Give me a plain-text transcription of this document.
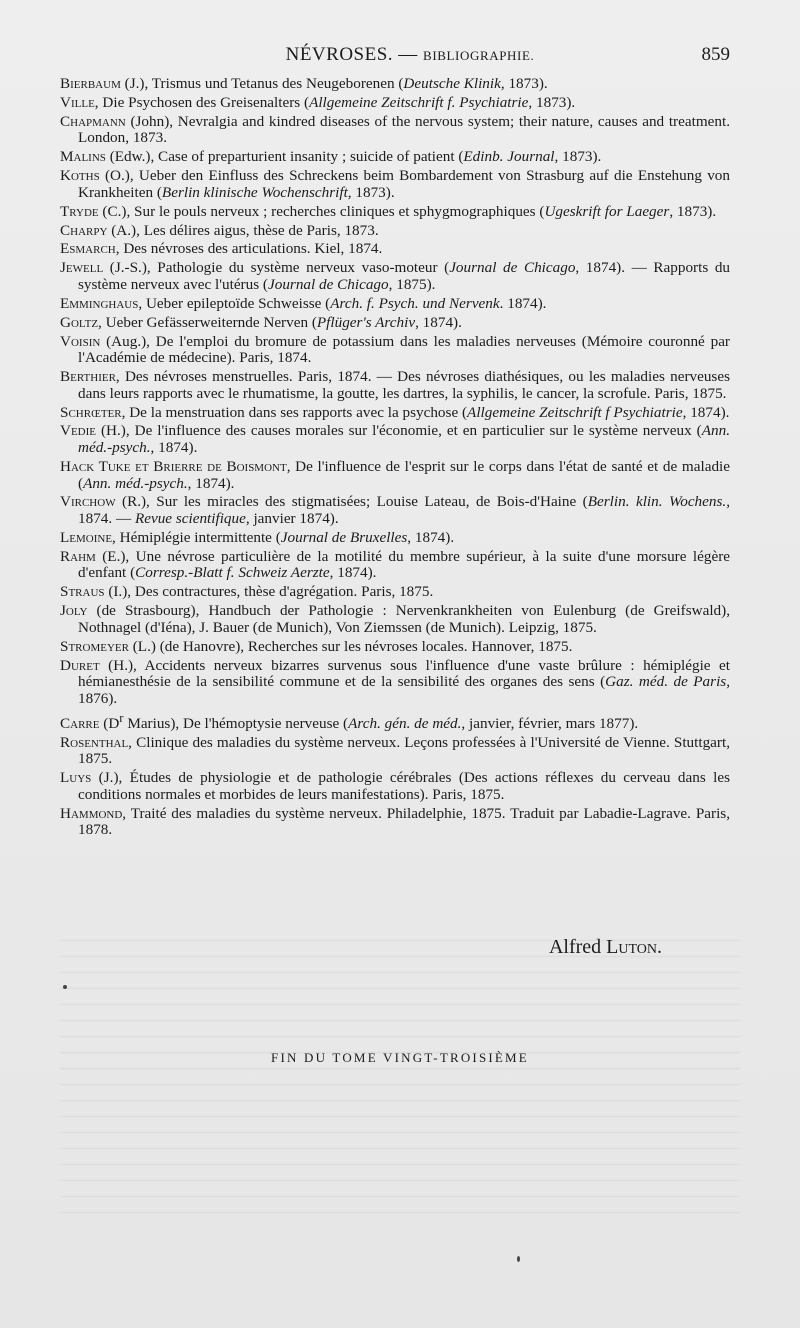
NÉVROSES. — BIBLIOGRAPHIE.	859

Bierbaum (J.), Trismus und Tetanus des Neugeborenen (Deutsche Klinik, 1873).

Ville, Die Psychosen des Greisenalters (Allgemeine Zeitschrift f. Psychiatrie, 1873).

Chapmann (John), Nevralgia and kindred diseases of the nervous system; their nature, causes and treatment. London, 1873.

Malins (Edw.), Case of preparturient insanity ; suicide of patient (Edinb. Journal, 1873).

Koths (O.), Ueber den Einfluss des Schreckens beim Bombardement von Strasburg auf die Enstehung von Krankheiten (Berlin klinische Wochenschrift, 1873).

Tryde (C.), Sur le pouls nerveux ; recherches cliniques et sphygmographiques (Ugeskrift for Laeger, 1873).

Charpy (A.), Les délires aigus, thèse de Paris, 1873.

Esmarch, Des névroses des articulations. Kiel, 1874.

Jewell (J.-S.), Pathologie du système nerveux vaso-moteur (Journal de Chicago, 1874). — Rapports du système nerveux avec l'utérus (Journal de Chicago, 1875).

Emminghaus, Ueber epileptoïde Schweisse (Arch. f. Psych. und Nervenk. 1874).

Goltz, Ueber Gefässerweiternde Nerven (Pflüger's Archiv, 1874).

Voisin (Aug.), De l'emploi du bromure de potassium dans les maladies nerveuses (Mémoire couronné par l'Académie de médecine). Paris, 1874.

Berthier, Des névroses menstruelles. Paris, 1874. — Des névroses diathésiques, ou les maladies nerveuses dans leurs rapports avec le rhumatisme, la goutte, les dartres, la syphilis, le cancer, la scrofule. Paris, 1875.

Schrœter, De la menstruation dans ses rapports avec la psychose (Allgemeine Zeitschrift f Psychiatrie, 1874).

Vedie (H.), De l'influence des causes morales sur l'économie, et en particulier sur le système nerveux (Ann. méd.-psych., 1874).

Hack Tuke et Brierre de Boismont, De l'influence de l'esprit sur le corps dans l'état de santé et de maladie (Ann. méd.-psych., 1874).

Virchow (R.), Sur les miracles des stigmatisées; Louise Lateau, de Bois-d'Haine (Berlin. klin. Wochens., 1874. — Revue scientifique, janvier 1874).

Lemoine, Hémiplégie intermittente (Journal de Bruxelles, 1874).

Rahm (E.), Une névrose particulière de la motilité du membre supérieur, à la suite d'une morsure légère d'enfant (Corresp.-Blatt f. Schweiz Aerzte, 1874).

Straus (I.), Des contractures, thèse d'agrégation. Paris, 1875.

Joly (de Strasbourg), Handbuch der Pathologie : Nervenkrankheiten von Eulenburg (de Greifswald), Nothnagel (d'Iéna), J. Bauer (de Munich), Von Ziemssen (de Munich). Leipzig, 1875.

Stromeyer (L.) (de Hanovre), Recherches sur les névroses locales. Hannover, 1875.

Duret (H.), Accidents nerveux bizarres survenus sous l'influence d'une vaste brûlure : hémiplégie et hémianesthésie de la sensibilité commune et de la sensibilité des organes des sens (Gaz. méd. de Paris, 1876).

Carre ($D^r$ Marius), De l'hémoptysie nerveuse (Arch. gén. de méd., janvier, février, mars 1877).

Rosenthal, Clinique des maladies du système nerveux. Leçons professées à l'Université de Vienne. Stuttgart, 1875.

Luys (J.), Études de physiologie et de pathologie cérébrales (Des actions réflexes du cerveau dans les conditions normales et morbides de leurs manifestations). Paris, 1875.

Hammond, Traité des maladies du système nerveux. Philadelphie, 1875. Traduit par Labadie-Lagrave. Paris, 1878.

Alfred Luton.
FIN DU TOME VINGT-TROISIÈME
